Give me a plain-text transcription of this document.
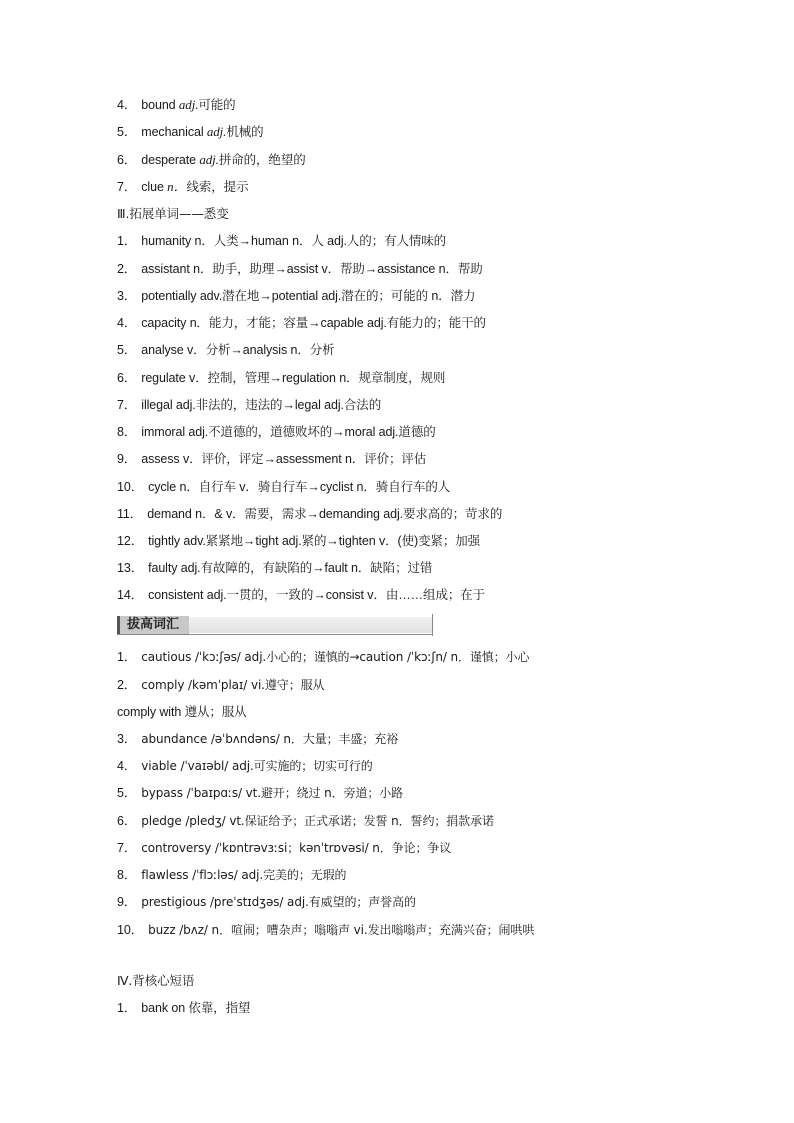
4． bound adj.可能的
5． mechanical adj.机械的
6． desperate adj.拼命的，绝望的
7． clue n．线索，提示
Ⅲ.拓展单词——悉变
1． humanity n．人类→human n．人 adj.人的；有人情味的
2． assistant n．助手，助理→assist v．帮助→assistance n．帮助
3． potentially adv.潜在地→potential adj.潜在的；可能的 n．潜力
4． capacity n．能力，才能；容量→capable adj.有能力的；能干的
5． analyse v．分析→analysis n．分析
6． regulate v．控制，管理→regulation n．规章制度，规则
7． illegal adj.非法的，违法的→legal adj.合法的
8． immoral adj.不道德的，道德败坏的→moral adj.道德的
9． assess v．评价，评定→assessment n．评价；评估
10． cycle n．自行车 v．骑自行车→cyclist n．骑自行车的人
11． demand n．& v．需要，需求→demanding adj.要求高的；苛求的
12． tightly adv.紧紧地→tight adj.紧的→tighten v．(使)变紧；加强
13． faulty adj.有故障的，有缺陷的→fault n．缺陷；过错
14． consistent adj.一贯的，一致的→consist v．由……组成；在于
拔高词汇
1． cautious /ˈkɔːʃəs/ adj.小心的；谨慎的→caution /ˈkɔːʃn/ n．谨慎；小心
2． comply /kəmˈplaɪ/ vi.遵守；服从
comply with 遵从；服从
3． abundance /əˈbʌndəns/ n．大量；丰盛；充裕
4． viable /ˈvaɪəbl/ adj.可实施的；切实可行的
5． bypass /ˈbaɪpɑːs/ vt.避开；绕过 n．旁道；小路
6． pledge /pledʒ/ vt.保证给予；正式承诺；发誓 n．誓约；捐款承诺
7． controversy /ˈkɒntrəvɜːsi；kənˈtrɒvəsi/ n．争论；争议
8． flawless /ˈflɔːləs/ adj.完美的；无瑕的
9． prestigious /preˈstɪdʒəs/ adj.有威望的；声誉高的
10． buzz /bʌz/ n．喧闹；嘈杂声；嗡嗡声 vi.发出嗡嗡声；充满兴奋；闹哄哄
Ⅳ.背核心短语
1． bank on 依靠，指望
